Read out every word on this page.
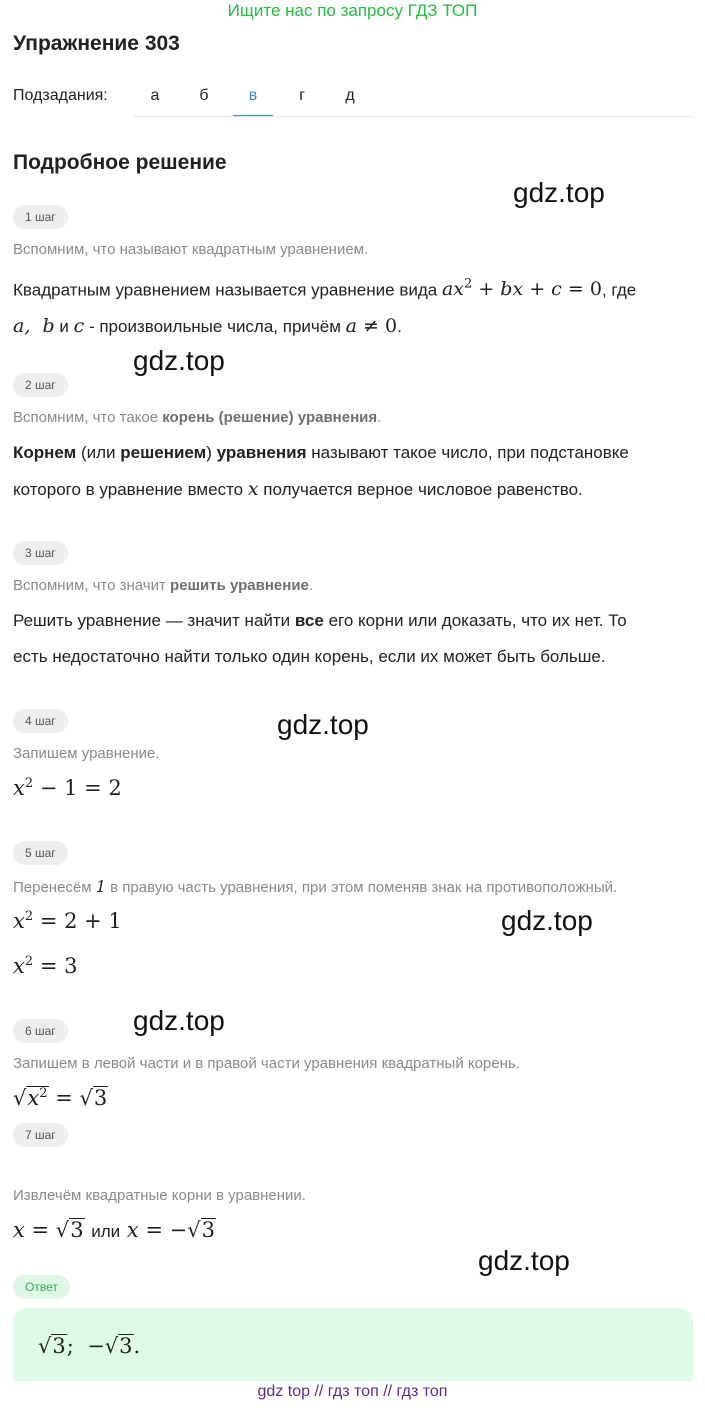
Ищите нас по запросу ГДЗ ТОП
Упражнение 303
Подзадания:	а	б	в	г	д
Подробное решение
gdz.top
gdz.top
gdz.top
gdz.top
gdz.top
gdz.top
1 шаг
Вспомним, что называют квадратным уравнением.
Квадратным уравнением называется уравнение вида $ax^2$ + bx + c = 0, где
a,  b и c - произвоильные числа, причём a ≠ 0.
2 шаг
Вспомним, что такое корень (решение) уравнения.
Корнем (или решением) уравнения называют такое число, при подстановке
которого в уравнение вместо x получается верное числовое равенство.
3 шаг
Вспомним, что значит решить уравнение.
Решить уравнение — значит найти все его корни или доказать, что их нет. То
есть недостаточно найти только один корень, если их может быть больше.
4 шаг
Запишем уравнение.
$x^2 - 1 = 2$
5 шаг
Перенесём 1 в правую часть уравнения, при этом поменяв знак на противоположный.
$x^2 = 2 + 1$
$x^2 = 3$
6 шаг
Запишем в левой части и в правой части уравнения квадратный корень.
$√x^2 = √3$
7 шаг
Извлечём квадратные корни в уравнении.
x = √3 или x = −√3
Ответ
√3;  −√3.
gdz top // гдз топ // гдз топ
